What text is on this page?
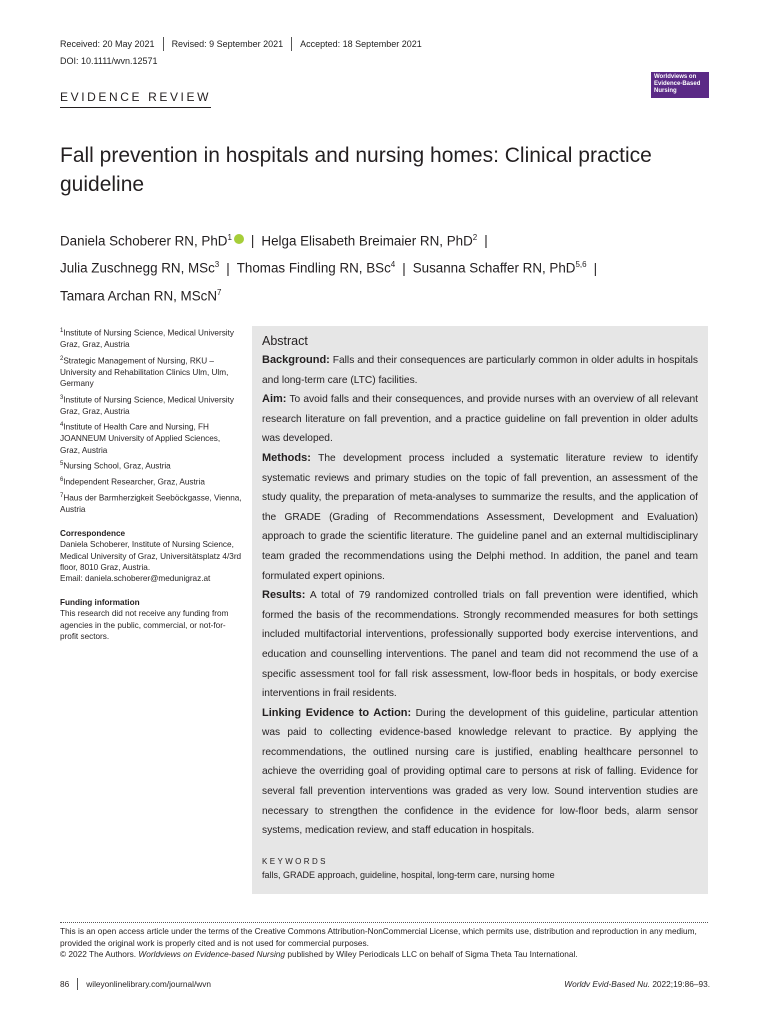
Received: 20 May 2021 Revised: 9 September 2021 Accepted: 18 September 2021
DOI: 10.1111/wvn.12571
EVIDENCE REVIEW
Worldviews on Evidence-Based Nursing
Fall prevention in hospitals and nursing homes: Clinical practice guideline
Daniela Schoberer RN, PhD$^1$ | Helga Elisabeth Breimaier RN, PhD$^2$ |
Julia Zuschnegg RN, MSc$^3$ | Thomas Findling RN, BSc$^4$ | Susanna Schaffer RN, PhD$^{5,6}$ |
Tamara Archan RN, MScN$^7$
$^1$Institute of Nursing Science, Medical University Graz, Graz, Austria
$^2$Strategic Management of Nursing, RKU – University and Rehabilitation Clinics Ulm, Ulm, Germany
$^3$Institute of Nursing Science, Medical University Graz, Graz, Austria
$^4$Institute of Health Care and Nursing, FH JOANNEUM University of Applied Sciences, Graz, Austria
$^5$Nursing School, Graz, Austria
$^6$Independent Researcher, Graz, Austria
$^7$Haus der Barmherzigkeit Seeböckgasse, Vienna, Austria
Correspondence
Daniela Schoberer, Institute of Nursing Science, Medical University of Graz, Universitätsplatz 4/3rd floor, 8010 Graz, Austria.
Email: daniela.schoberer@medunigraz.at
Funding information
This research did not receive any funding from agencies in the public, commercial, or not-for-profit sectors.
Abstract

Background: Falls and their consequences are particularly common in older adults in hospitals and long-term care (LTC) facilities.

Aim: To avoid falls and their consequences, and provide nurses with an overview of all relevant research literature on fall prevention, and a practice guideline on fall prevention in older adults was developed.

Methods: The development process included a systematic literature review to identify systematic reviews and primary studies on the topic of fall prevention, an assessment of the study quality, the preparation of meta-analyses to summarize the results, and the application of the GRADE (Grading of Recommendations Assessment, Development and Evaluation) approach to grade the scientific literature. The guideline panel and an external multidisciplinary team graded the recommendations using the Delphi method. In addition, the panel and team formulated expert opinions.

Results: A total of 79 randomized controlled trials on fall prevention were identified, which formed the basis of the recommendations. Strongly recommended measures for both settings included multifactorial interventions, professionally supported body exercise interventions, and education and counselling interventions. The panel and team did not recommend the use of a specific assessment tool for fall risk assessment, low-floor beds in hospitals, or body exercise interventions in frail residents.

Linking Evidence to Action: During the development of this guideline, particular attention was paid to collecting evidence-based knowledge relevant to practice. By applying the recommendations, the outlined nursing care is justified, enabling healthcare personnel to achieve the overriding goal of providing optimal care to persons at risk of falling. Evidence for several fall prevention interventions was graded as very low. Sound intervention studies are necessary to strengthen the confidence in the evidence for low-floor beds, alarm sensor systems, medication review, and staff education in hospitals.

KEYWORDS
falls, GRADE approach, guideline, hospital, long-term care, nursing home
This is an open access article under the terms of the Creative Commons Attribution-NonCommercial License, which permits use, distribution and reproduction in any medium, provided the original work is properly cited and is not used for commercial purposes.
© 2022 The Authors. Worldviews on Evidence-based Nursing published by Wiley Periodicals LLC on behalf of Sigma Theta Tau International.
86 wileyonlinelibrary.com/journal/wvn	Worldv Evid-Based Nu. 2022;19:86–93.
